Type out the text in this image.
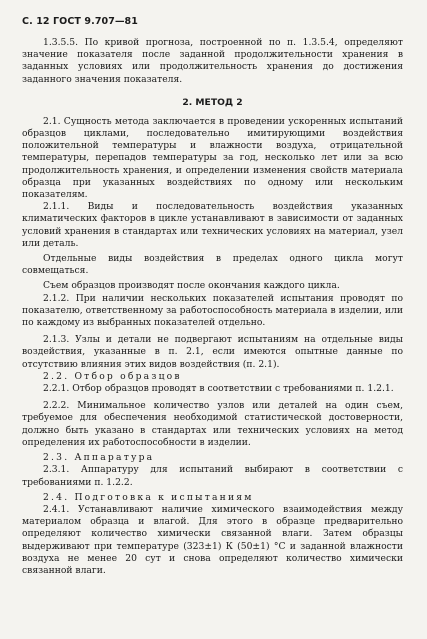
С. 12 ГОСТ 9.707—81

1.3.5.5. По кривой прогноза, построенной по п. 1.3.5.4, определяют значение показателя после заданной продолжительности хранения в заданных условиях или продолжительность хранения до достижения заданного значения показателя.

2. МЕТОД 2

2.1. Сущность метода заключается в проведении ускоренных испытаний образцов циклами, последовательно имитирующими воздействия положительной температуры и влажности воздуха, отрицательной температуры, перепадов температуры за год, несколько лет или за всю продолжительность хранения, и определении изменения свойств материала образца при указанных воздействиях по одному или нескольким показателям.

2.1.1. Виды и последовательность воздействия указанных климатических факторов в цикле устанавливают в зависимости от заданных условий хранения в стандартах или технических условиях на материал, узел или деталь.

Отдельные виды воздействия в пределах одного цикла могут совмещаться.

Съем образцов производят после окончания каждого цикла.

2.1.2. При наличии нескольких показателей испытания проводят по показателю, ответственному за работоспособность материала в изделии, или по каждому из выбранных показателей отдельно.

2.1.3. Узлы и детали не подвергают испытаниям на отдельные виды воздействия, указанные в п. 2.1, если имеются опытные данные по отсутствию влияния этих видов воздействия (п. 2.1).

2.2. Отбор образцов

2.2.1. Отбор образцов проводят в соответствии с требованиями п. 1.2.1.

2.2.2. Минимальное количество узлов или деталей на один съем, требуемое для обеспечения необходимой статистической достоверности, должно быть указано в стандартах или технических условиях на метод определения их работоспособности в изделии.

2.3. Аппаратура

2.3.1. Аппаратуру для испытаний выбирают в соответствии с требованиями п. 1.2.2.

2.4. Подготовка к испытаниям

2.4.1. Устанавливают наличие химического взаимодействия между материалом образца и влагой. Для этого в образце предварительно определяют количество химически связанной влаги. Затем образцы выдерживают при температуре (323±1) К (50±1) °C и заданной влажности воздуха не менее 20 сут и снова определяют количество химически связанной влаги.
